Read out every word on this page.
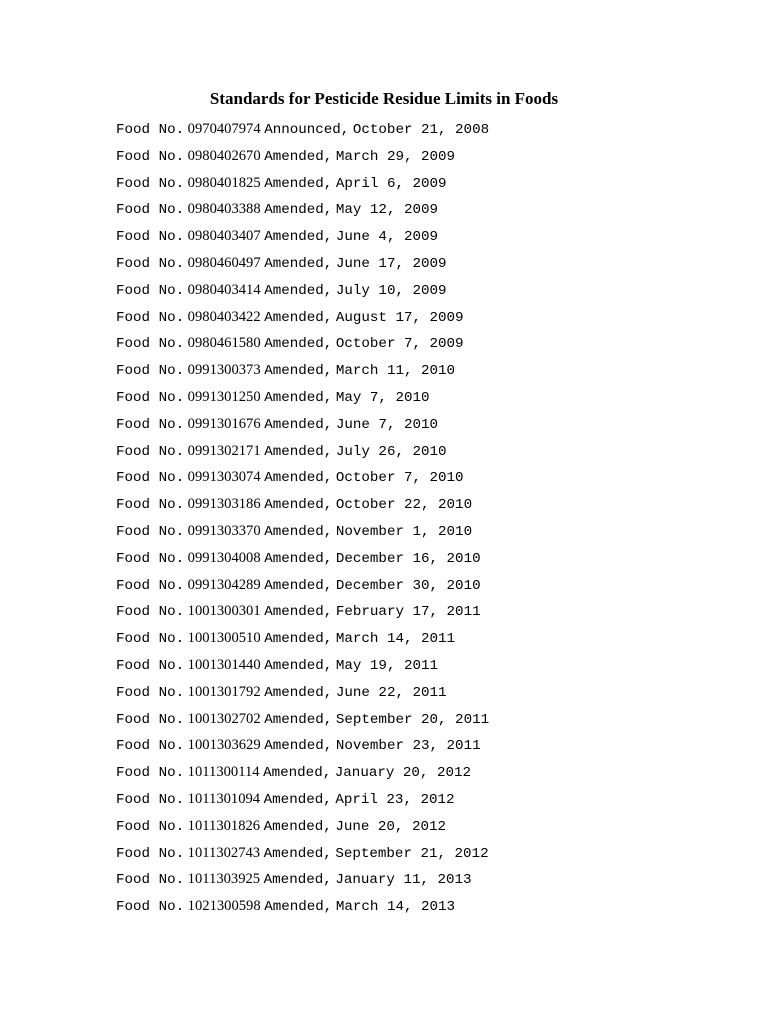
Standards for Pesticide Residue Limits in Foods
Food No. 0970407974 Announced, October 21, 2008
Food No. 0980402670 Amended, March 29, 2009
Food No. 0980401825 Amended, April 6, 2009
Food No. 0980403388 Amended, May 12, 2009
Food No. 0980403407 Amended, June 4, 2009
Food No. 0980460497 Amended, June 17, 2009
Food No. 0980403414 Amended, July 10, 2009
Food No. 0980403422 Amended, August 17, 2009
Food No. 0980461580 Amended, October 7, 2009
Food No. 0991300373 Amended, March 11, 2010
Food No. 0991301250 Amended, May 7, 2010
Food No. 0991301676 Amended, June 7, 2010
Food No. 0991302171 Amended, July 26, 2010
Food No. 0991303074 Amended, October 7, 2010
Food No. 0991303186 Amended, October 22, 2010
Food No. 0991303370 Amended, November 1, 2010
Food No. 0991304008 Amended, December 16, 2010
Food No. 0991304289 Amended, December 30, 2010
Food No. 1001300301 Amended, February 17, 2011
Food No. 1001300510 Amended, March 14, 2011
Food No. 1001301440 Amended, May 19, 2011
Food No. 1001301792 Amended, June 22, 2011
Food No. 1001302702 Amended, September 20, 2011
Food No. 1001303629 Amended, November 23, 2011
Food No. 1011300114 Amended, January 20, 2012
Food No. 1011301094 Amended, April 23, 2012
Food No. 1011301826 Amended, June 20, 2012
Food No. 1011302743 Amended, September 21, 2012
Food No. 1011303925 Amended, January 11, 2013
Food No. 1021300598 Amended, March 14, 2013
